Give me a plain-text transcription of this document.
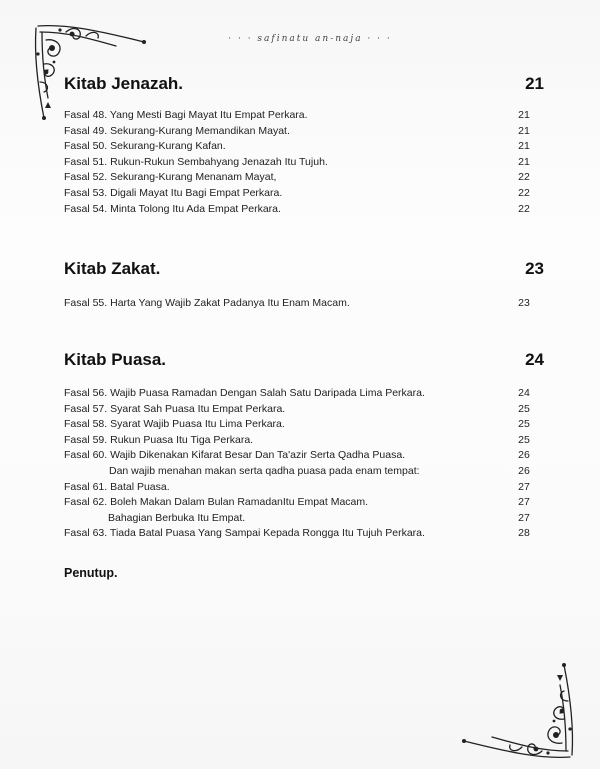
· · · safinatu an-naja · · ·
Kitab Jenazah.	21
Fasal 48. Yang Mesti Bagi Mayat Itu Empat Perkara.	21
Fasal 49. Sekurang-Kurang Memandikan Mayat.	21
Fasal 50. Sekurang-Kurang Kafan.	21
Fasal 51. Rukun-Rukun Sembahyang Jenazah Itu Tujuh.	21
Fasal 52. Sekurang-Kurang Menanam Mayat,	22
Fasal 53. Digali Mayat Itu Bagi Empat Perkara.	22
Fasal 54. Minta Tolong Itu Ada Empat Perkara.	22
Kitab Zakat.	23
Fasal 55. Harta Yang Wajib Zakat Padanya Itu Enam Macam.	23
Kitab Puasa.	24
Fasal 56. Wajib Puasa Ramadan Dengan Salah Satu Daripada Lima Perkara.	24
Fasal 57. Syarat Sah Puasa Itu Empat Perkara.	25
Fasal 58. Syarat Wajib Puasa Itu Lima Perkara.	25
Fasal 59. Rukun Puasa Itu Tiga Perkara.	25
Fasal 60. Wajib Dikenakan Kifarat Besar Dan Ta'azir Serta Qadha Puasa.	26
Dan wajib menahan makan serta qadha puasa pada enam tempat:	26
Fasal 61. Batal Puasa.	27
Fasal 62. Boleh Makan Dalam Bulan RamadanItu Empat Macam.	27
Bahagian Berbuka Itu Empat.	27
Fasal 63. Tiada Batal Puasa Yang Sampai Kepada Rongga Itu Tujuh Perkara.	28
Penutup.
